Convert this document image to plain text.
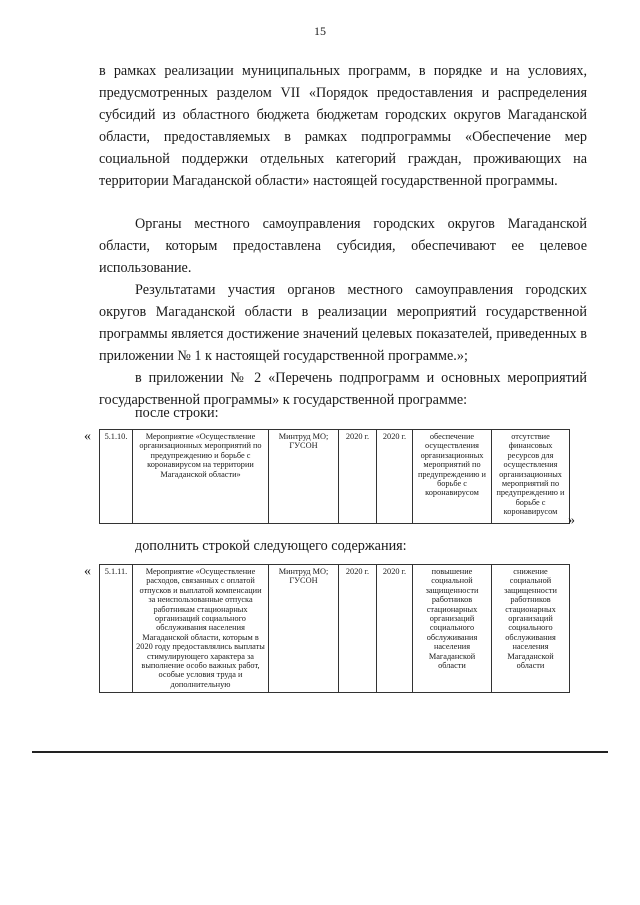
15

в рамках реализации муниципальных программ, в порядке и на условиях, предусмотренных разделом VII «Порядок предоставления и распределения субсидий из областного бюджета бюджетам городских округов Магаданской области, предоставляемых в рамках подпрограммы «Обеспечение мер социальной поддержки отдельных категорий граждан, проживающих на территории Магаданской области» настоящей государственной программы.

Органы местного самоуправления городских округов Магаданской области, которым предоставлена субсидия, обеспечивают ее целевое использование.

Результатами участия органов местного самоуправления городских округов Магаданской области в реализации мероприятий государственной программы является достижение значений целевых показателей, приведенных в приложении № 1 к настоящей государственной программе.»;

в приложении № 2 «Перечень подпрограмм и основных мероприятий государственной программы» к государственной программе:

после строки:
« 5.1.10.	Мероприятие «Осуществление организационных мероприятий по предупреждению и борьбе с коронавирусом на территории Магаданской области»	Минтруд МО; ГУСОН	2020 г.	2020 г.	обеспечение осуществления организационных мероприятий по предупреждению и борьбе с коронавирусом	отсутствие финансовых ресурсов для осуществления организационных мероприятий по предупреждению и борьбе с коронавирусом
»
дополнить строкой следующего содержания:
« 5.1.11.	Мероприятие «Осуществление расходов, связанных с оплатой отпусков и выплатой компенсации за неиспользованные отпуска работникам стационарных организаций социального обслуживания населения Магаданской области, которым в 2020 году предоставлялись выплаты стимулирующего характера за выполнение особо важных работ, особые условия труда и дополнительную	Минтруд МО; ГУСОН	2020 г.	2020 г.	повышение социальной защищенности работников стационарных организаций социального обслуживания населения Магаданской области	снижение социальной защищенности работников стационарных организаций социального обслуживания населения Магаданской области
